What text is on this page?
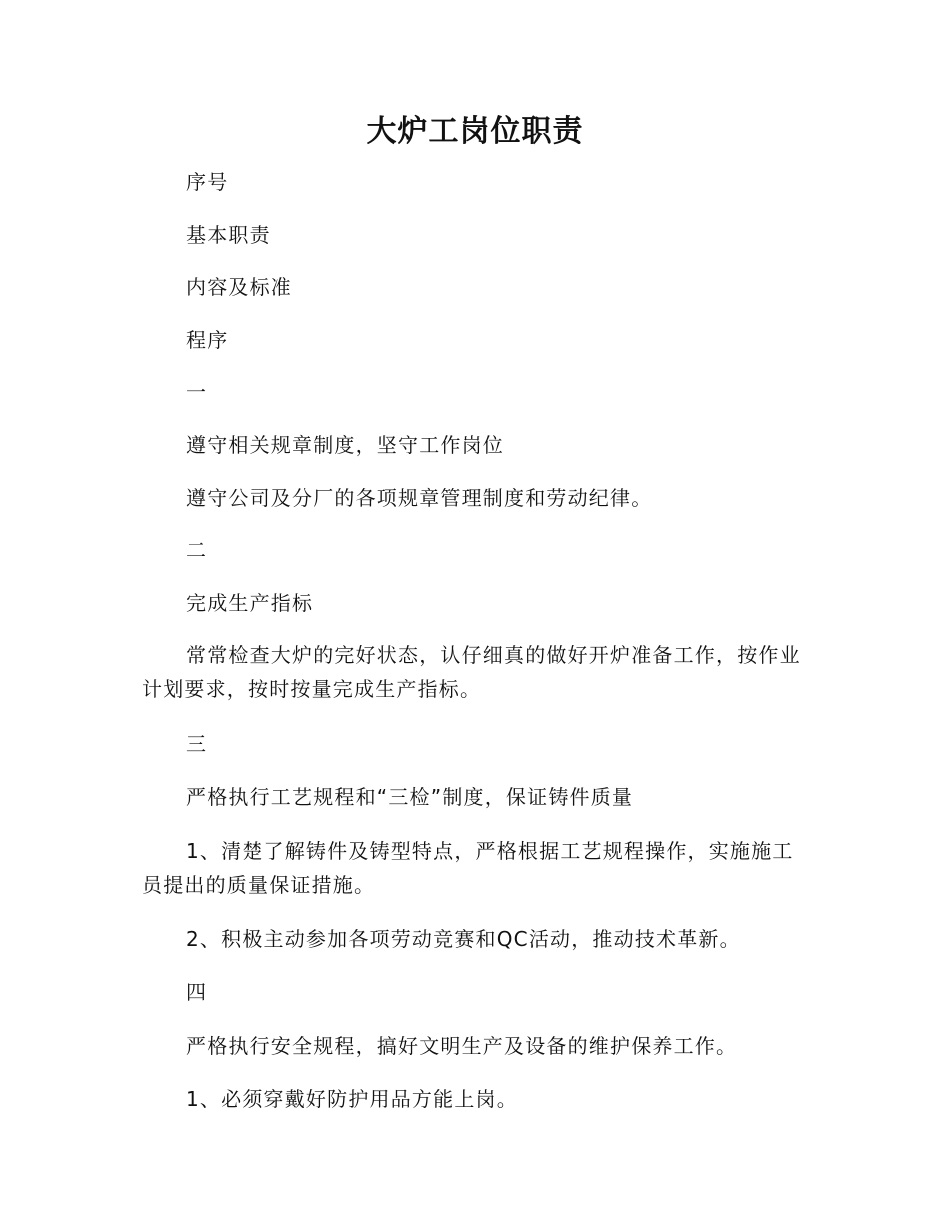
大炉工岗位职责

序号

基本职责

内容及标准

程序

一

遵守相关规章制度，坚守工作岗位

遵守公司及分厂的各项规章管理制度和劳动纪律。

二

完成生产指标

常常检查大炉的完好状态，认仔细真的做好开炉准备工作，按作业计划要求，按时按量完成生产指标。

三

严格执行工艺规程和“三检”制度，保证铸件质量

1、清楚了解铸件及铸型特点，严格根据工艺规程操作，实施施工员提出的质量保证措施。

2、积极主动参加各项劳动竞赛和QC活动，推动技术革新。

四

严格执行安全规程，搞好文明生产及设备的维护保养工作。

1、必须穿戴好防护用品方能上岗。
